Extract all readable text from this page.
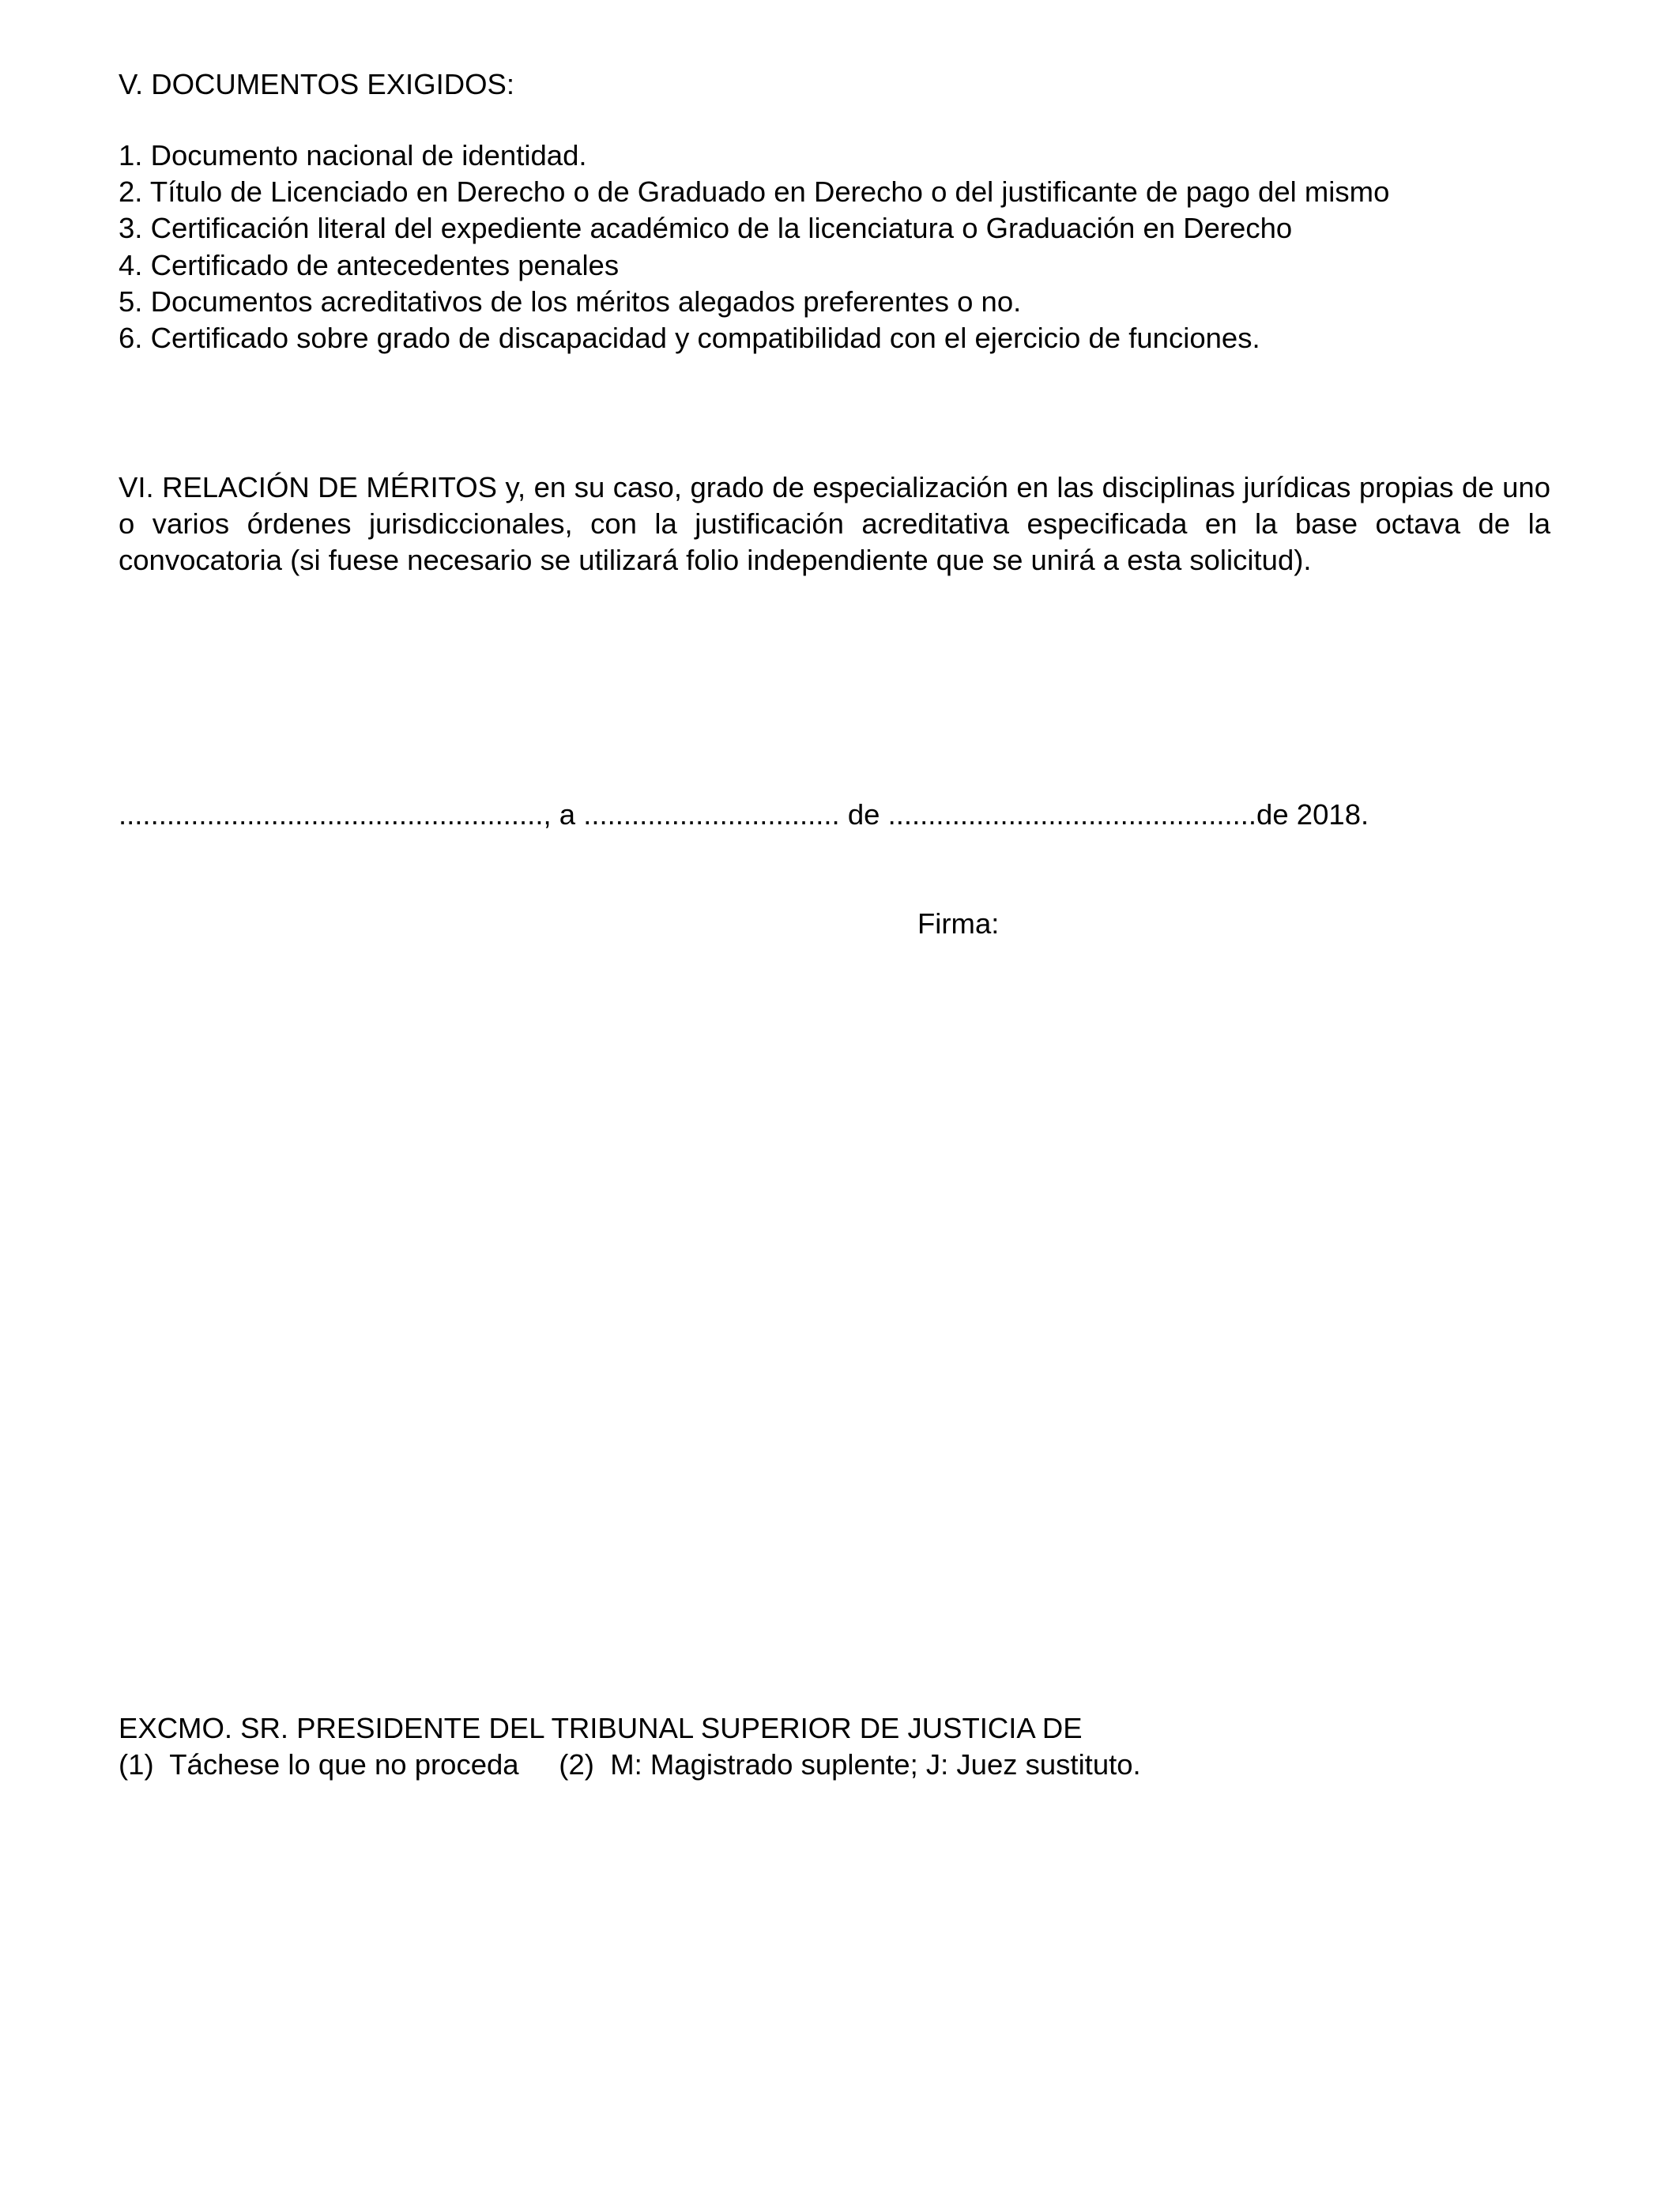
V. DOCUMENTOS EXIGIDOS:
1. Documento nacional de identidad.
2. Título de Licenciado en Derecho o de Graduado en Derecho o del justificante de pago del mismo
3. Certificación literal del expediente académico de la licenciatura o Graduación en Derecho
4. Certificado de antecedentes penales
5. Documentos acreditativos de los méritos alegados preferentes o no.
6. Certificado sobre grado de discapacidad y compatibilidad con el ejercicio de funciones.
VI. RELACIÓN DE MÉRITOS y, en su caso, grado de especialización en las disciplinas jurídicas propias de uno o varios órdenes jurisdiccionales, con la justificación acreditativa especificada en la base octava de la convocatoria (si fuese necesario se utilizará folio independiente que se unirá a esta solicitud).
....................................................., a ................................ de ..............................................de 2018.
Firma:
EXCMO. SR. PRESIDENTE DEL TRIBUNAL SUPERIOR DE JUSTICIA DE
(1)  Táchese lo que no proceda     (2)  M: Magistrado suplente; J: Juez sustituto.
